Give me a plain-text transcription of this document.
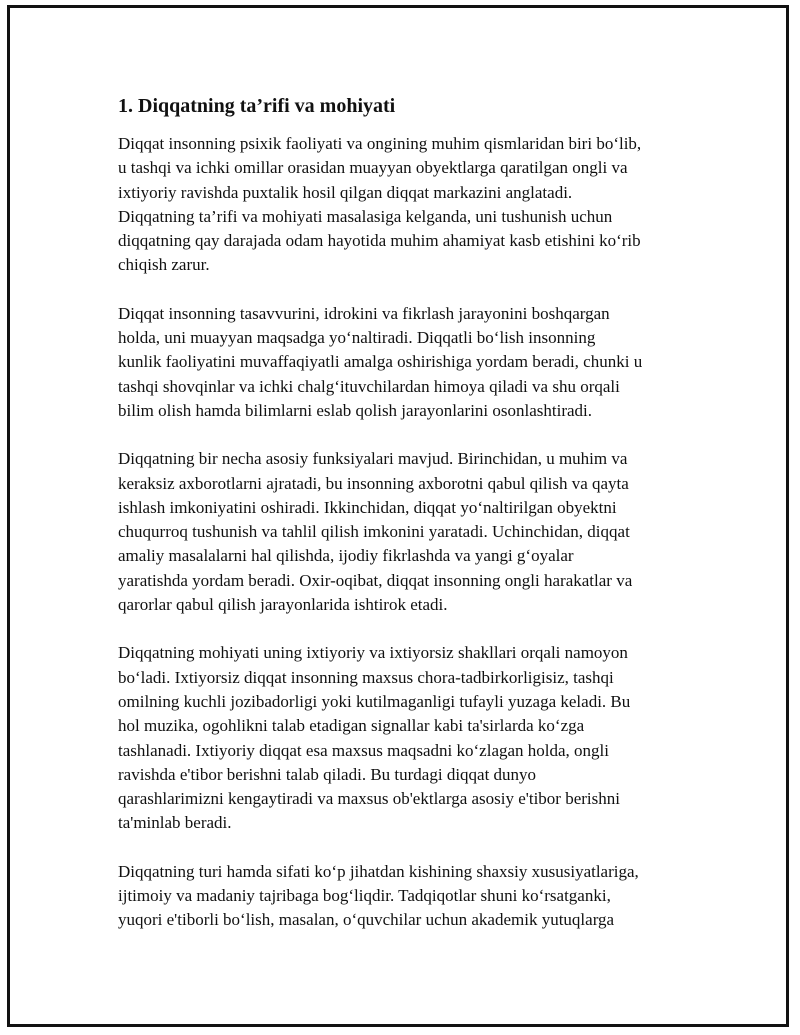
1. Diqqatning ta’rifi va mohiyati

Diqqat insonning psixik faoliyati va ongining muhim qismlaridan biri bo‘lib,
u tashqi va ichki omillar orasidan muayyan obyektlarga qaratilgan ongli va
ixtiyoriy ravishda puxtalik hosil qilgan diqqat markazini anglatadi.
Diqqatning ta’rifi va mohiyati masalasiga kelganda, uni tushunish uchun
diqqatning qay darajada odam hayotida muhim ahamiyat kasb etishini ko‘rib
chiqish zarur.

Diqqat insonning tasavvurini, idrokini va fikrlash jarayonini boshqargan
holda, uni muayyan maqsadga yo‘naltiradi. Diqqatli bo‘lish insonning
kunlik faoliyatini muvaffaqiyatli amalga oshirishiga yordam beradi, chunki u
tashqi shovqinlar va ichki chalg‘ituvchilardan himoya qiladi va shu orqali
bilim olish hamda bilimlarni eslab qolish jarayonlarini osonlashtiradi.

Diqqatning bir necha asosiy funksiyalari mavjud. Birinchidan, u muhim va
keraksiz axborotlarni ajratadi, bu insonning axborotni qabul qilish va qayta
ishlash imkoniyatini oshiradi. Ikkinchidan, diqqat yo‘naltirilgan obyektni
chuqurroq tushunish va tahlil qilish imkonini yaratadi. Uchinchidan, diqqat
amaliy masalalarni hal qilishda, ijodiy fikrlashda va yangi g‘oyalar
yaratishda yordam beradi. Oxir-oqibat, diqqat insonning ongli harakatlar va
qarorlar qabul qilish jarayonlarida ishtirok etadi.

Diqqatning mohiyati uning ixtiyoriy va ixtiyorsiz shakllari orqali namoyon
bo‘ladi. Ixtiyorsiz diqqat insonning maxsus chora-tadbirkorligisiz, tashqi
omilning kuchli jozibadorligi yoki kutilmaganligi tufayli yuzaga keladi. Bu
hol muzika, ogohlikni talab etadigan signallar kabi ta'sirlarda ko‘zga
tashlanadi. Ixtiyoriy diqqat esa maxsus maqsadni ko‘zlagan holda, ongli
ravishda e'tibor berishni talab qiladi. Bu turdagi diqqat dunyo
qarashlarimizni kengaytiradi va maxsus ob'ektlarga asosiy e'tibor berishni
ta'minlab beradi.

Diqqatning turi hamda sifati ko‘p jihatdan kishining shaxsiy xususiyatlariga,
ijtimoiy va madaniy tajribaga bog‘liqdir. Tadqiqotlar shuni ko‘rsatganki,
yuqori e'tiborli bo‘lish, masalan, o‘quvchilar uchun akademik yutuqlarga
